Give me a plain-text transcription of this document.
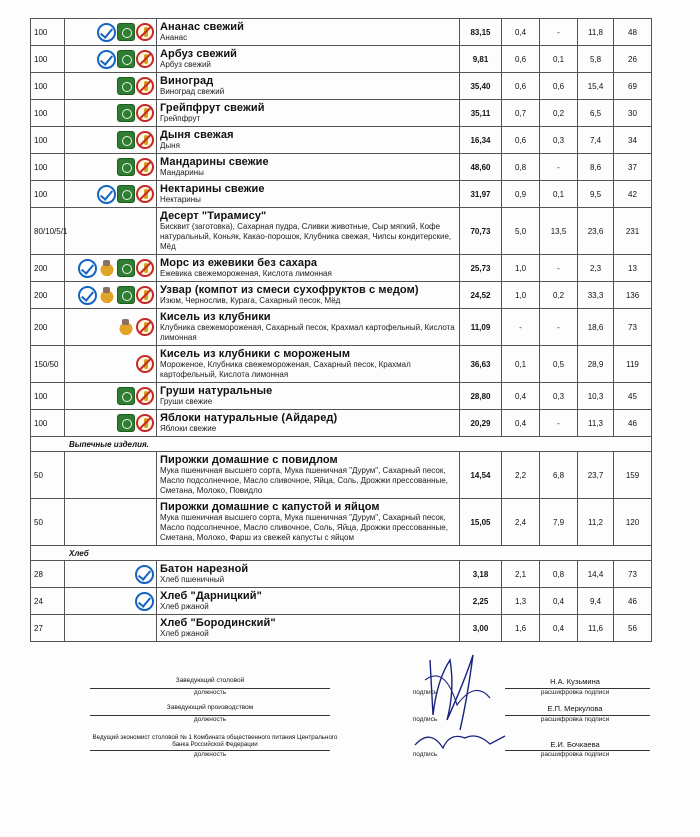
100		Ананас свежий
Ананас	83,15	0,4	-	11,8	48
100		Арбуз свежий
Арбуз свежий	9,81	0,6	0,1	5,8	26
100		Виноград
Виноград свежий	35,40	0,6	0,6	15,4	69
100		Грейпфрут свежий
Грейпфрут	35,11	0,7	0,2	6,5	30
100		Дыня свежая
Дыня	16,34	0,6	0,3	7,4	34
100		Мандарины свежие
Мандарины	48,60	0,8	-	8,6	37
100		Нектарины свежие
Нектарины	31,97	0,9	0,1	9,5	42
80/10/5/1		Десерт "Тирамису"
Бисквит (заготовка), Сахарная пудра, Сливки животные, Сыр мягкий, Кофе натуральный, Коньяк, Какао-порошок, Клубника свежая, Чипсы кондитерские, Мёд	70,73	5,0	13,5	23,6	231
200		Морс из ежевики без сахара
Ежевика свежемороженая, Кислота лимонная	25,73	1,0	-	2,3	13
200		Узвар (компот из смеси сухофруктов с медом)
Изюм, Чернослив, Курага, Сахарный песок, Мёд	24,52	1,0	0,2	33,3	136
200		Кисель из клубники
Клубника свежемороженая, Сахарный песок, Крахмал картофельный, Кислота лимонная	11,09	-	-	18,6	73
150/50		Кисель из клубники с мороженым
Мороженое, Клубника свежемороженая, Сахарный песок, Крахмал картофельный, Кислота лимонная	36,63	0,1	0,5	28,9	119
100		Груши натуральные
Груши свежие	28,80	0,4	0,3	10,3	45
100		Яблоки натуральные (Айдаред)
Яблоки свежие	20,29	0,4	-	11,3	46
Выпечные изделия.							
50		Пирожки домашние с повидлом
Мука пшеничная высшего сорта, Мука пшеничная "Дурум", Сахарный песок, Масло подсолнечное, Масло сливочное, Яйца, Соль, Дрожжи прессованные, Сметана, Молоко, Повидло	14,54	2,2	6,8	23,7	159
50		Пирожки домашние с капустой и яйцом
Мука пшеничная высшего сорта, Мука пшеничная "Дурум", Сахарный песок, Масло подсолнечное, Масло сливочное, Соль, Яйца, Дрожжи прессованные, Сметана, Молоко, Фарш из свежей капусты с яйцом	15,05	2,4	7,9	11,2	120
Хлеб							
28		Батон нарезной
Хлеб пшеничный	3,18	2,1	0,8	14,4	73
24		Хлеб "Дарницкий"
Хлеб ржаной	2,25	1,3	0,4	9,4	46
27		Хлеб "Бородинский"
Хлеб ржаной	3,00	1,6	0,4	11,6	56
Заведующий столовой
должность	подпись
Н.А. Кузьмина
расшифровка подписи
Заведующий производством
должность	подпись
Е.П. Меркулова
расшифровка подписи
Ведущий экономист столовой № 1 Комбината общественного питания Центрального банка Российской Федерации
должность	подпись
Е.И. Бочкаева
расшифровка подписи
